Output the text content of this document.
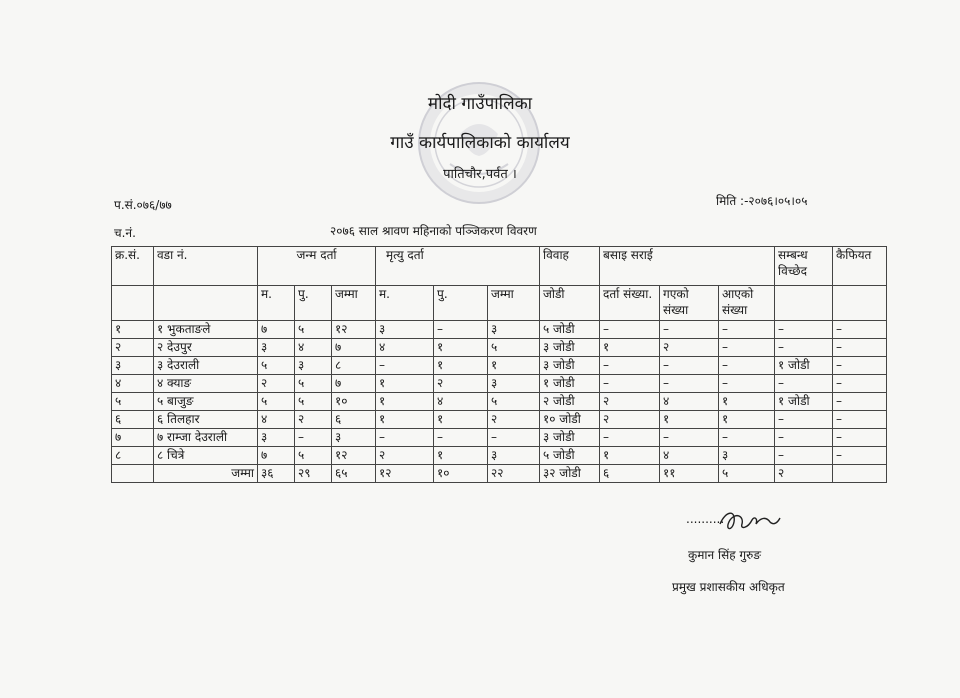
मोदी गाउँपालिका
गाउँ कार्यपालिकाको कार्यालय
पातिचौर,पर्वत ।
प.सं.०७६/७७	मिति :-२०७६।०५।०५
च.नं.	२०७६ साल श्रावण महिनाको पञ्जिकरण विवरण
क्र.सं.	वडा नं.	जन्म दर्ता			मृत्यु दर्ता			विवाह	बसाइ सराई			सम्बन्ध विच्छेद	कैफियत
		म.	पु.	जम्मा	म.	पु.	जम्मा	जोडी	दर्ता संख्या.	गएको संख्या	आएको संख्या		
१	१ भुकताङले	७	५	१२	३	–	३	५ जोडी	–	–	–	–	–
२	२ देउपुर	३	४	७	४	१	५	३ जोडी	१	२	–	–	–
३	३ देउराली	५	३	८	–	१	१	३ जोडी	–	–	–	१ जोडी	–
४	४ क्याङ	२	५	७	१	२	३	१ जोडी	–	–	–	–	–
५	५ बाजुङ	५	५	१०	१	४	५	२ जोडी	२	४	१	१ जोडी	–
६	६ तिलहार	४	२	६	१	१	२	१० जोडी	२	१	१	–	–
७	७ राम्जा देउराली	३	–	३	–	–	–	३ जोडी	–	–	–	–	–
८	८ चित्रे	७	५	१२	२	१	३	५ जोडी	१	४	३	–	–
	जम्मा	३६	२९	६५	१२	१०	२२	३२ जोडी	६	११	५	२	
..........
कुमान सिंह गुरुङ
प्रमुख प्रशासकीय अधिकृत
